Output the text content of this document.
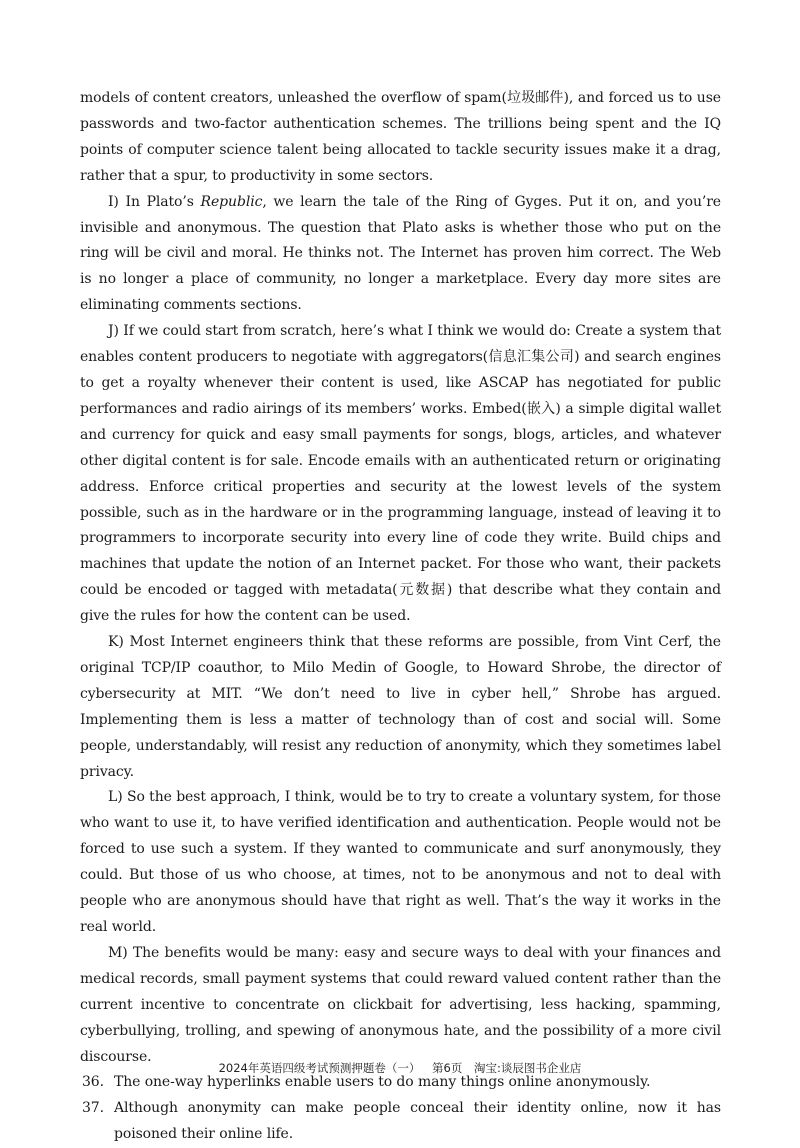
models of content creators, unleashed the overflow of spam(垃圾邮件), and forced us to use passwords and two-factor authentication schemes. The trillions being spent and the IQ points of computer science talent being allocated to tackle security issues make it a drag, rather that a spur, to productivity in some sectors.

I) In Plato’s Republic, we learn the tale of the Ring of Gyges. Put it on, and you’re invisible and anonymous. The question that Plato asks is whether those who put on the ring will be civil and moral. He thinks not. The Internet has proven him correct. The Web is no longer a place of community, no longer a marketplace. Every day more sites are eliminating comments sections.

J) If we could start from scratch, here’s what I think we would do: Create a system that enables content producers to negotiate with aggregators(信息汇集公司) and search engines to get a royalty whenever their content is used, like ASCAP has negotiated for public performances and radio airings of its members’ works. Embed(嵌入) a simple digital wallet and currency for quick and easy small payments for songs, blogs, articles, and whatever other digital content is for sale. Encode emails with an authenticated return or originating address. Enforce critical properties and security at the lowest levels of the system possible, such as in the hardware or in the programming language, instead of leaving it to programmers to incorporate security into every line of code they write. Build chips and machines that update the notion of an Internet packet. For those who want, their packets could be encoded or tagged with metadata(元数据) that describe what they contain and give the rules for how the content can be used.

K) Most Internet engineers think that these reforms are possible, from Vint Cerf, the original TCP/IP coauthor, to Milo Medin of Google, to Howard Shrobe, the director of cybersecurity at MIT. “We don’t need to live in cyber hell,” Shrobe has argued. Implementing them is less a matter of technology than of cost and social will. Some people, understandably, will resist any reduction of anonymity, which they sometimes label privacy.

L) So the best approach, I think, would be to try to create a voluntary system, for those who want to use it, to have verified identification and authentication. People would not be forced to use such a system. If they wanted to communicate and surf anonymously, they could. But those of us who choose, at times, not to be anonymous and not to deal with people who are anonymous should have that right as well. That’s the way it works in the real world.

M) The benefits would be many: easy and secure ways to deal with your finances and medical records, small payment systems that could reward valued content rather than the current incentive to concentrate on clickbait for advertising, less hacking, spamming, cyberbullying, trolling, and spewing of anonymous hate, and the possibility of a more civil discourse.

36. The one-way hyperlinks enable users to do many things online anonymously.
37. Although anonymity can make people conceal their identity online, now it has poisoned their online life.
2024年英语四级考试预测押题卷（一） 第6页 淘宝:谈辰图书企业店
